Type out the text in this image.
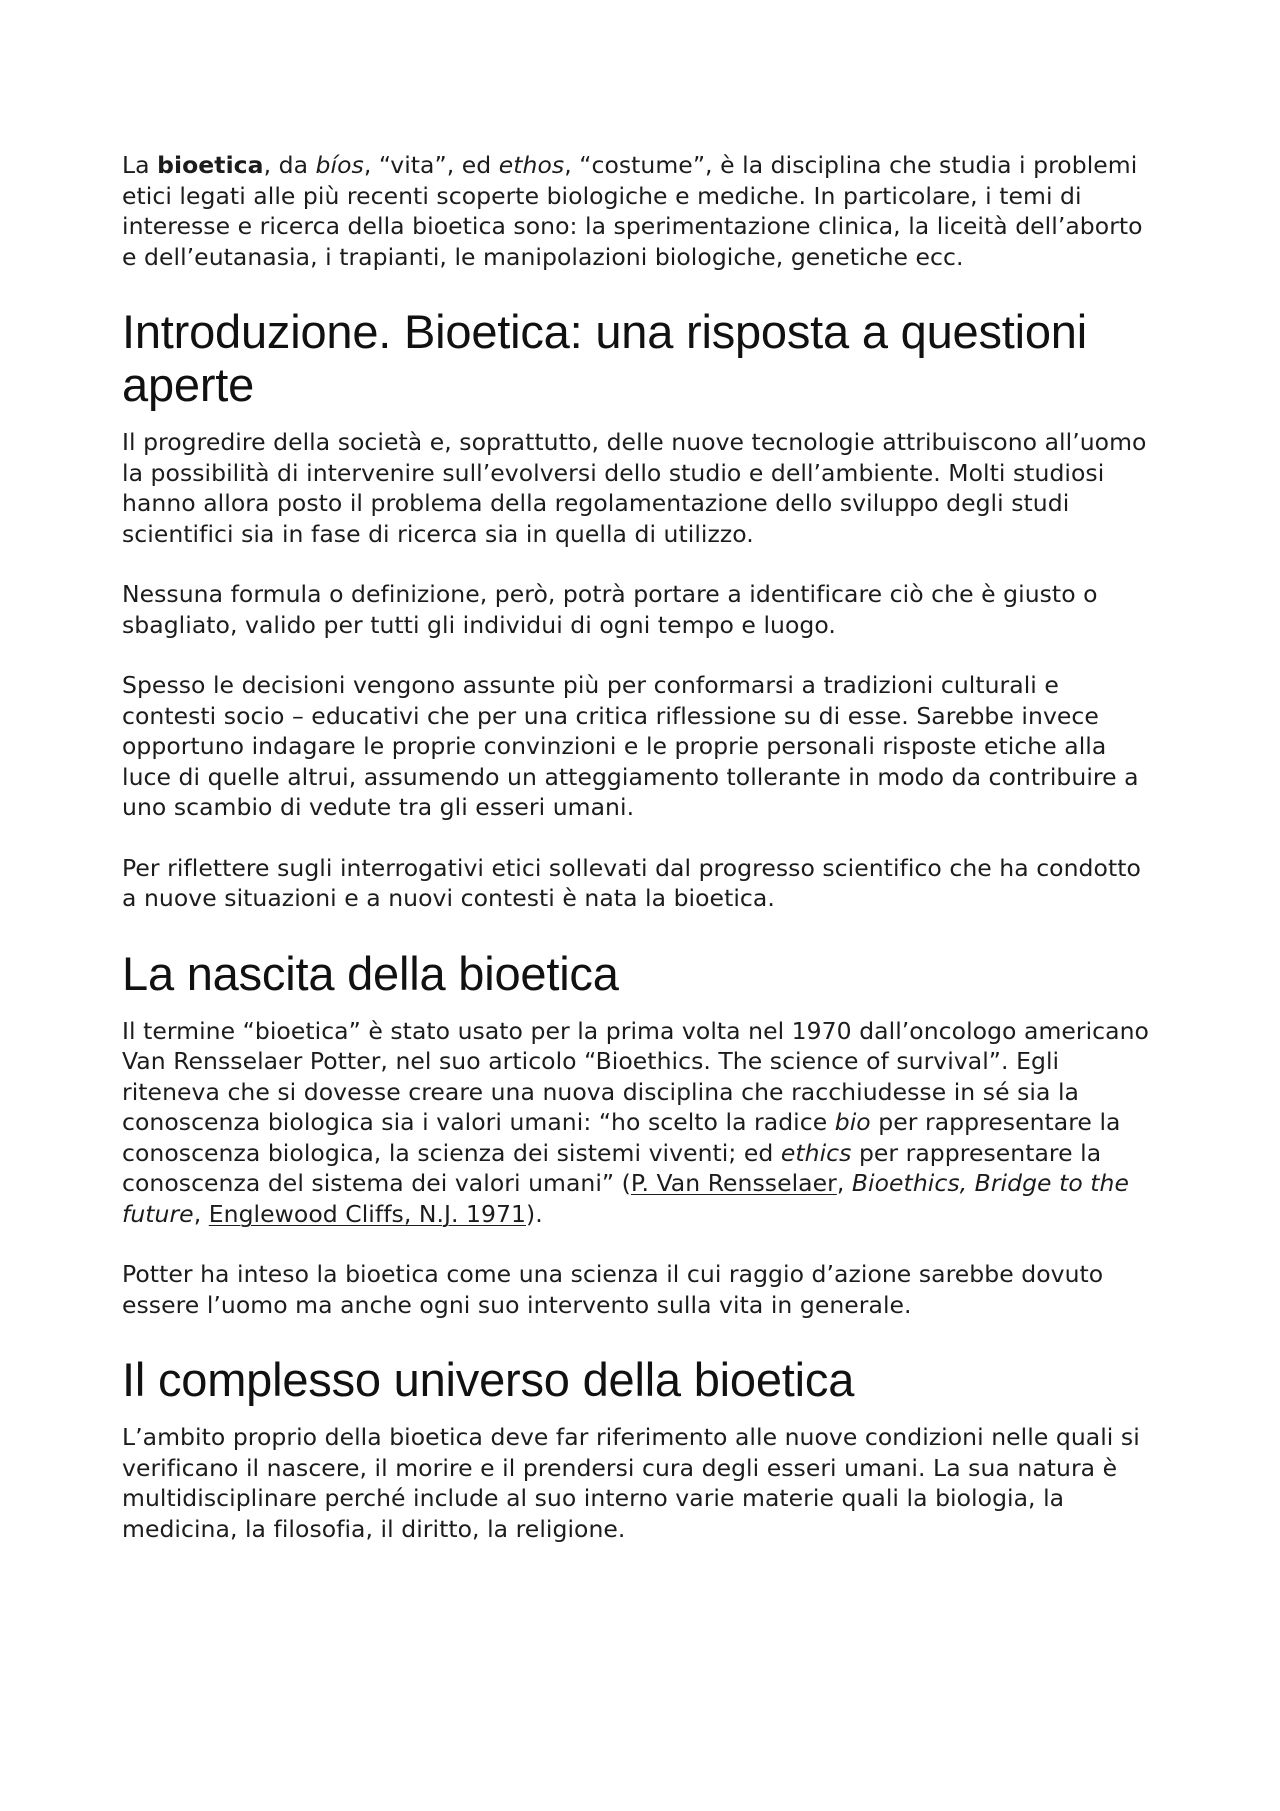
La bioetica, da bíos, “vita”, ed ethos, “costume”, è la disciplina che studia i problemi etici legati alle più recenti scoperte biologiche e mediche. In particolare, i temi di interesse e ricerca della bioetica sono: la sperimentazione clinica, la liceità dell’aborto e dell’eutanasia, i trapianti, le manipolazioni biologiche, genetiche ecc.

Introduzione. Bioetica: una risposta a questioni aperte

Il progredire della società e, soprattutto, delle nuove tecnologie attribuiscono all’uomo la possibilità di intervenire sull’evolversi dello studio e dell’ambiente. Molti studiosi hanno allora posto il problema della regolamentazione dello sviluppo degli studi scientifici sia in fase di ricerca sia in quella di utilizzo.

Nessuna formula o definizione, però, potrà portare a identificare ciò che è giusto o sbagliato, valido per tutti gli individui di ogni tempo e luogo.

Spesso le decisioni vengono assunte più per conformarsi a tradizioni culturali e contesti socio – educativi che per una critica riflessione su di esse. Sarebbe invece opportuno indagare le proprie convinzioni e le proprie personali risposte etiche alla luce di quelle altrui, assumendo un atteggiamento tollerante in modo da contribuire a uno scambio di vedute tra gli esseri umani.

Per riflettere sugli interrogativi etici sollevati dal progresso scientifico che ha condotto a nuove situazioni e a nuovi contesti è nata la bioetica.

La nascita della bioetica

Il termine “bioetica” è stato usato per la prima volta nel 1970 dall’oncologo americano Van Rensselaer Potter, nel suo articolo “Bioethics. The science of survival”. Egli riteneva che si dovesse creare una nuova disciplina che racchiudesse in sé sia la conoscenza biologica sia i valori umani: “ho scelto la radice bio per rappresentare la conoscenza biologica, la scienza dei sistemi viventi; ed ethics per rappresentare la conoscenza del sistema dei valori umani” (P. Van Rensselaer, Bioethics, Bridge to the future, Englewood Cliffs, N.J. 1971).

Potter ha inteso la bioetica come una scienza il cui raggio d’azione sarebbe dovuto essere l’uomo ma anche ogni suo intervento sulla vita in generale.

Il complesso universo della bioetica

L’ambito proprio della bioetica deve far riferimento alle nuove condizioni nelle quali si verificano il nascere, il morire e il prendersi cura degli esseri umani. La sua natura è multidisciplinare perché include al suo interno varie materie quali la biologia, la medicina, la filosofia, il diritto, la religione.
